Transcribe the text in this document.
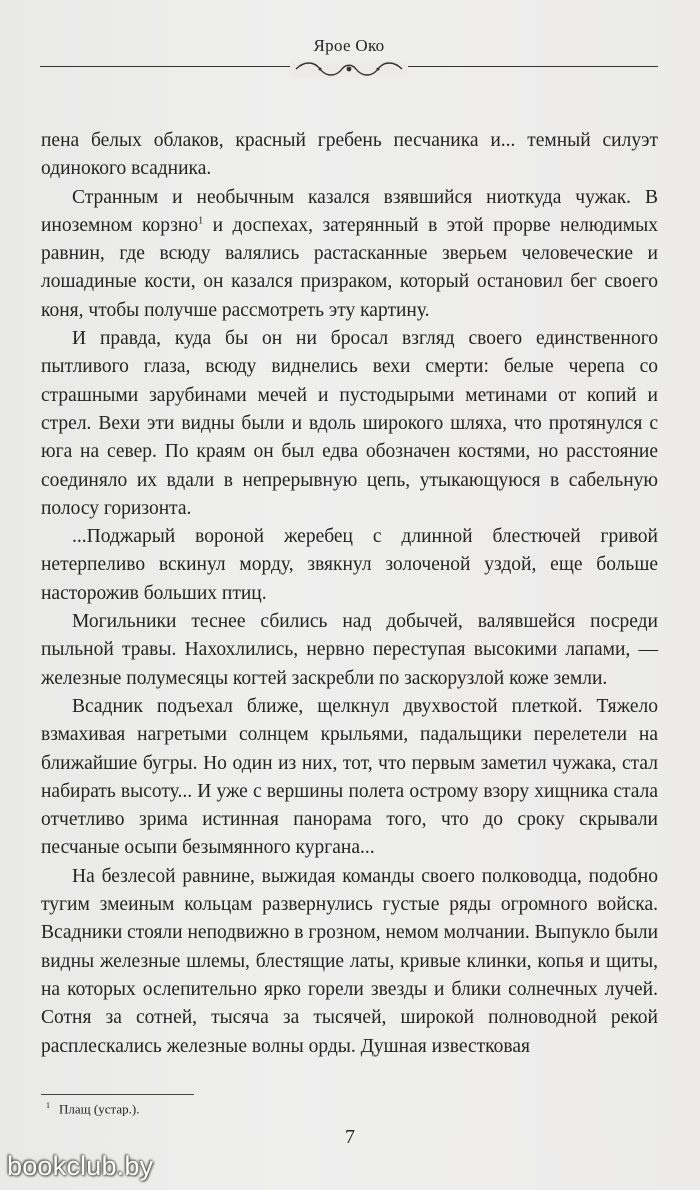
Ярое Око

пена белых облаков, красный гребень песчаника и... темный силуэт одинокого всадника.

Странным и необычным казался взявшийся ниоткуда чужак. В иноземном корзно$^1$ и доспехах, затерянный в этой прорве нелюдимых равнин, где всюду валялись растасканные зверьем человеческие и лошадиные кости, он казался призраком, который остановил бег своего коня, чтобы получше рассмотреть эту картину.

И правда, куда бы он ни бросал взгляд своего единственного пытливого глаза, всюду виднелись вехи смерти: белые черепа со страшными зарубинами мечей и пустодырыми метинами от копий и стрел. Вехи эти видны были и вдоль широкого шляха, что протянулся с юга на север. По краям он был едва обозначен костями, но расстояние соединяло их вдали в непрерывную цепь, утыкающуюся в сабельную полосу горизонта.

...Поджарый вороной жеребец с длинной блестючей гривой нетерпеливо вскинул морду, звякнул золоченой уздой, еще больше насторожив больших птиц.

Могильники теснее сбились над добычей, валявшейся посреди пыльной травы. Нахохлились, нервно переступая высокими лапами, — железные полумесяцы когтей заскребли по заскорузлой коже земли.

Всадник подъехал ближе, щелкнул двухвостой плеткой. Тяжело взмахивая нагретыми солнцем крыльями, падальщики перелетели на ближайшие бугры. Но один из них, тот, что первым заметил чужака, стал набирать высоту... И уже с вершины полета острому взору хищника стала отчетливо зрима истинная панорама того, что до сроку скрывали песчаные осыпи безымянного кургана...

На безлесой равнине, выжидая команды своего полководца, подобно тугим змеиным кольцам развернулись густые ряды огромного войска. Всадники стояли неподвижно в грозном, немом молчании. Выпукло были видны железные шлемы, блестящие латы, кривые клинки, копья и щиты, на которых ослепительно ярко горели звезды и блики солнечных лучей. Сотня за сотней, тысяча за тысячей, широкой полноводной рекой расплескались железные волны орды. Душная известковая

$^1$ Плащ (устар.).
7
bookclub.by
